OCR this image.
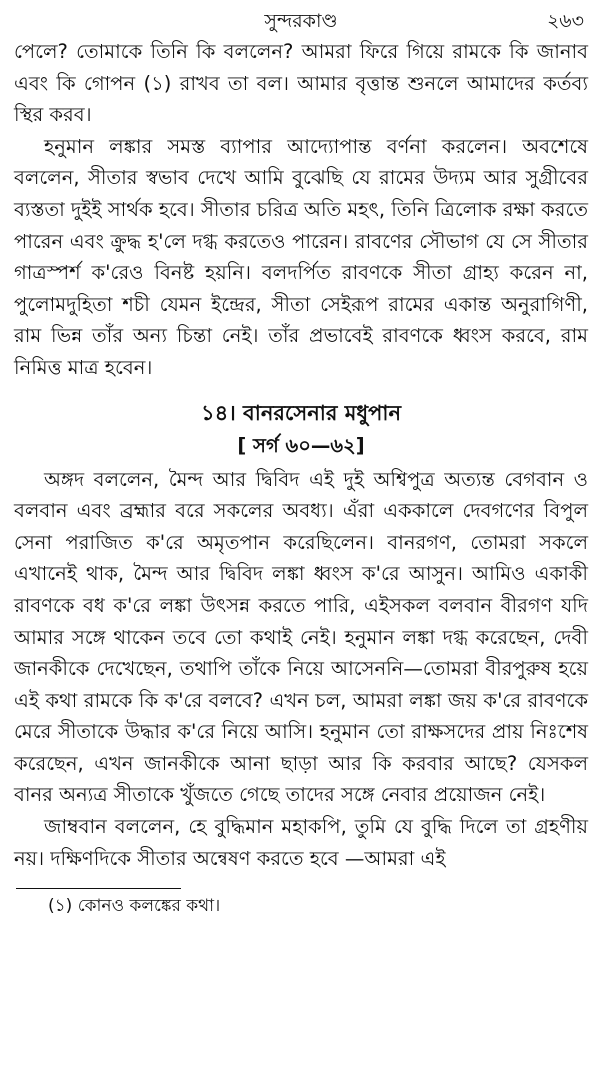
সুন্দরকাণ্ড	২৬৩

পেলে? তোমাকে তিনি কি বললেন? আমরা ফিরে গিয়ে রামকে কি জানাব এবং কি গোপন (১) রাখব তা বল। আমার বৃত্তান্ত শুনলে আমাদের কর্তব্য স্থির করব।

হনুমান লঙ্কার সমস্ত ব্যাপার আদ্যোপান্ত বর্ণনা করলেন। অবশেষে বললেন, সীতার স্বভাব দেখে আমি বুঝেছি যে রামের উদ্যম আর সুগ্রীবের ব্যস্ততা দুইই সার্থক হবে। সীতার চরিত্র অতি মহৎ, তিনি ত্রিলোক রক্ষা করতে পারেন এবং ক্রুদ্ধ হ'লে দগ্ধ করতেও পারেন। রাবণের সৌভাগ যে সে সীতার গাত্রস্পর্শ ক'রেও বিনষ্ট হয়নি। বলদর্পিত রাবণকে সীতা গ্রাহ্য করেন না, পুলোমদুহিতা শচী যেমন ইন্দ্রের, সীতা সেইরূপ রামের একান্ত অনুরাগিণী, রাম ভিন্ন তাঁর অন্য চিন্তা নেই। তাঁর প্রভাবেই রাবণকে ধ্বংস করবে, রাম নিমিত্ত মাত্র হবেন।

১৪। বানরসেনার মধুপান
[ সর্গ ৬০—৬২]

অঙ্গদ বললেন, মৈন্দ আর দ্বিবিদ এই দুই অশ্বিপুত্র অত্যন্ত বেগবান ও বলবান এবং ব্রহ্মার বরে সকলের অবধ্য। এঁরা এককালে দেবগণের বিপুল সেনা পরাজিত ক'রে অমৃতপান করেছিলেন। বানরগণ, তোমরা সকলে এখানেই থাক, মৈন্দ আর দ্বিবিদ লঙ্কা ধ্বংস ক'রে আসুন। আমিও একাকী রাবণকে বধ ক'রে লঙ্কা উৎসন্ন করতে পারি, এইসকল বলবান বীরগণ যদি আমার সঙ্গে থাকেন তবে তো কথাই নেই। হনুমান লঙ্কা দগ্ধ করেছেন, দেবী জানকীকে দেখেছেন, তথাপি তাঁকে নিয়ে আসেননি—তোমরা বীরপুরুষ হয়ে এই কথা রামকে কি ক'রে বলবে? এখন চল, আমরা লঙ্কা জয় ক'রে রাবণকে মেরে সীতাকে উদ্ধার ক'রে নিয়ে আসি। হনুমান তো রাক্ষসদের প্রায় নিঃশেষ করেছেন, এখন জানকীকে আনা ছাড়া আর কি করবার আছে? যেসকল বানর অন্যত্র সীতাকে খুঁজতে গেছে তাদের সঙ্গে নেবার প্রয়োজন নেই।

জাম্ববান বললেন, হে বুদ্ধিমান মহাকপি, তুমি যে বুদ্ধি দিলে তা গ্রহণীয় নয়। দক্ষিণদিকে সীতার অন্বেষণ করতে হবে —আমরা এই

(১) কোনও কলঙ্কের কথা।
